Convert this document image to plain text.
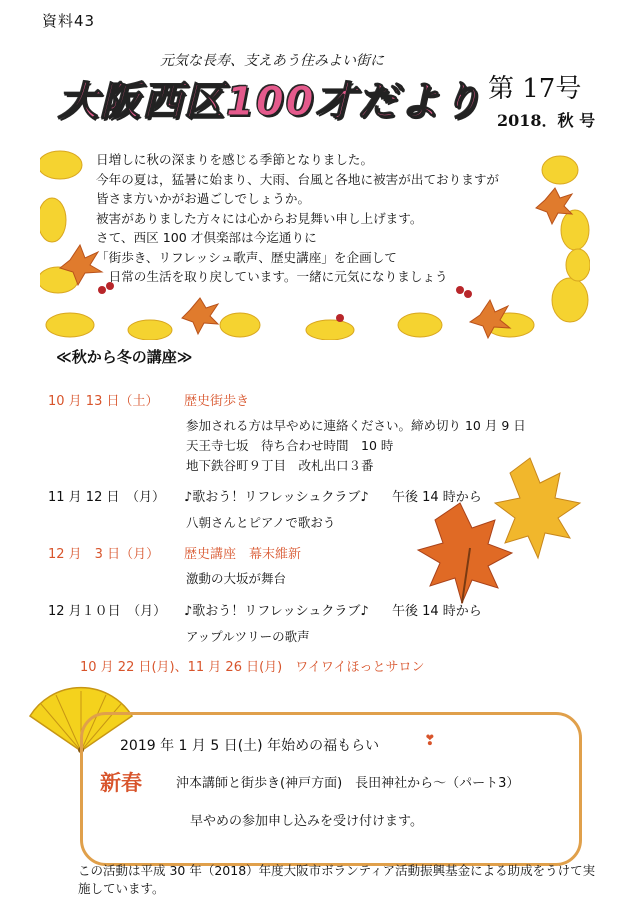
資料43
元気な長寿、支えあう住みよい街に
大阪西区100才だより 第 17号
2018．秋 号
日増しに秋の深まりを感じる季節となりました。
今年の夏は，猛暑に始まり、大雨、台風と各地に被害が出ておりますが
皆さま方いかがお過ごしでしょうか。
被害がありました方々には心からお見舞い申し上げます。
さて、西区 100 才倶楽部は今迄通りに
「街歩き、リフレッシュ歌声、歴史講座」を企画して
　日常の生活を取り戻しています。一緒に元気になりましょう
≪秋から冬の講座≫
10 月 13 日（土） 歴史街歩き
参加される方は早やめに連絡ください。締め切り 10 月 9 日
天王寺七坂　待ち合わせ時間　10 時
地下鉄谷町９丁目　改札出口３番
11 月 12 日　（月） ♪歌おう！リフレッシュクラブ♪ 午後 14 時から
八朝さんとピアノで歌おう
12 月　3 日（月） 歴史講座　幕末維新
激動の大坂が舞台
12 月１０日　（月） ♪歌おう！リフレッシュクラブ♪ 午後 14 時から
アップルツリーの歌声
10 月 22 日(月)、11 月 26 日(月)　ワイワイほっとサロン
2019 年 1 月 5 日(土) 年始めの福もらい	❣
新春	沖本講師と街歩き(神戸方面)　長田神社から〜（パート3）
早やめの参加申し込みを受け付けます。
この活動は平成 30 年（2018）年度大阪市ボランティア活動振興基金による助成をうけて実施しています。
